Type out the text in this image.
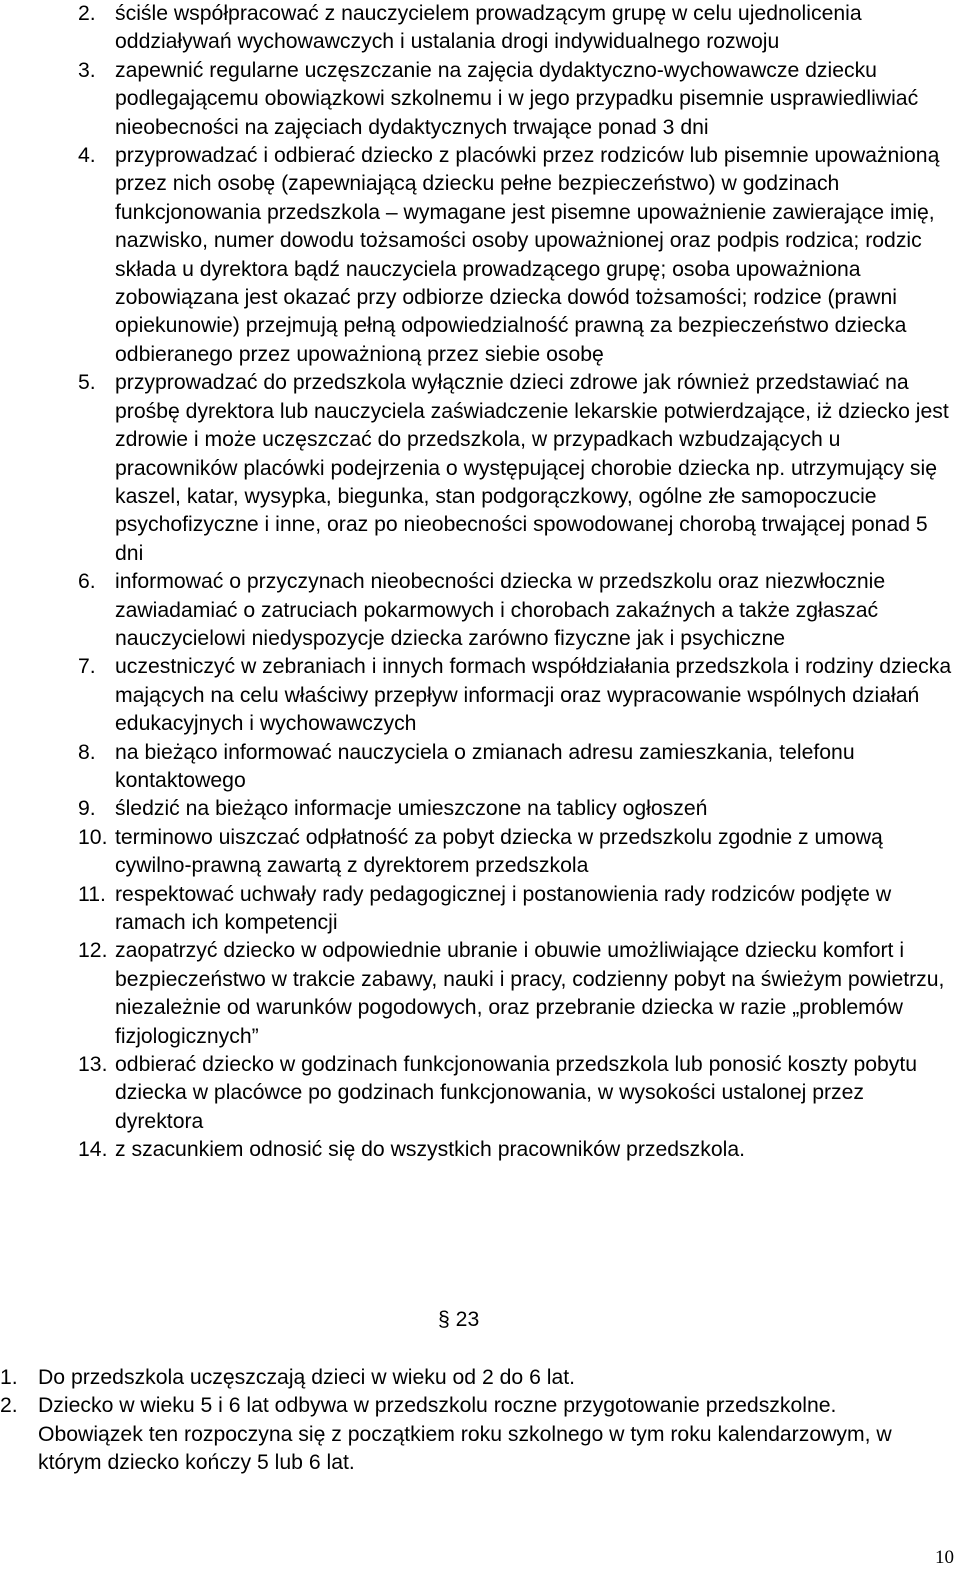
2. ściśle współpracować z nauczycielem prowadzącym grupę w celu ujednolicenia oddziaływań wychowawczych i ustalania drogi indywidualnego rozwoju
3. zapewnić regularne uczęszczanie na zajęcia dydaktyczno-wychowawcze dziecku podlegającemu obowiązkowi szkolnemu i w jego przypadku pisemnie usprawiedliwiać nieobecności na zajęciach dydaktycznych trwające ponad 3 dni
4. przyprowadzać i odbierać dziecko z placówki przez rodziców lub pisemnie upoważnioną przez nich osobę (zapewniającą dziecku pełne bezpieczeństwo) w godzinach funkcjonowania przedszkola – wymagane jest pisemne upoważnienie zawierające imię, nazwisko, numer dowodu tożsamości osoby upoważnionej oraz podpis rodzica; rodzic składa u dyrektora bądź nauczyciela prowadzącego grupę; osoba upoważniona zobowiązana jest okazać przy odbiorze dziecka dowód tożsamości; rodzice (prawni opiekunowie) przejmują pełną odpowiedzialność prawną za bezpieczeństwo dziecka odbieranego przez upoważnioną przez siebie osobę
5. przyprowadzać do przedszkola wyłącznie dzieci zdrowe jak również przedstawiać na prośbę dyrektora lub nauczyciela zaświadczenie lekarskie potwierdzające, iż dziecko jest zdrowie i może uczęszczać do przedszkola, w przypadkach wzbudzających u pracowników placówki podejrzenia o występującej chorobie dziecka np. utrzymujący się kaszel, katar, wysypka, biegunka, stan podgorączkowy, ogólne złe samopoczucie psychofizyczne i inne, oraz po nieobecności spowodowanej chorobą trwającej ponad 5 dni
6. informować o przyczynach nieobecności dziecka w przedszkolu oraz niezwłocznie zawiadamiać o zatruciach pokarmowych i chorobach zakaźnych a także zgłaszać nauczycielowi niedyspozycje dziecka zarówno fizyczne jak i psychiczne
7. uczestniczyć w zebraniach i innych formach współdziałania przedszkola i rodziny dziecka mających na celu właściwy przepływ informacji oraz wypracowanie wspólnych działań edukacyjnych i wychowawczych
8. na bieżąco informować nauczyciela o zmianach adresu zamieszkania, telefonu kontaktowego
9. śledzić na bieżąco informacje umieszczone na tablicy ogłoszeń
10. terminowo uiszczać odpłatność za pobyt dziecka w przedszkolu zgodnie z umową cywilno-prawną zawartą z dyrektorem przedszkola
11. respektować uchwały rady pedagogicznej i postanowienia rady rodziców podjęte w ramach ich kompetencji
12. zaopatrzyć dziecko w odpowiednie ubranie i obuwie umożliwiające dziecku komfort i bezpieczeństwo w trakcie zabawy, nauki i pracy, codzienny pobyt na świeżym powietrzu, niezależnie od warunków pogodowych, oraz przebranie dziecka w razie „problemów fizjologicznych”
13. odbierać dziecko w godzinach funkcjonowania przedszkola lub ponosić koszty pobytu dziecka w placówce po godzinach funkcjonowania, w wysokości ustalonej przez dyrektora
14. z szacunkiem odnosić się do wszystkich pracowników przedszkola.
§ 23
1. Do przedszkola uczęszczają dzieci w wieku od 2 do 6 lat.
2. Dziecko w wieku 5 i 6 lat odbywa w przedszkolu roczne przygotowanie przedszkolne. Obowiązek ten rozpoczyna się z początkiem roku szkolnego w tym roku kalendarzowym, w którym dziecko kończy 5 lub 6 lat.
10
